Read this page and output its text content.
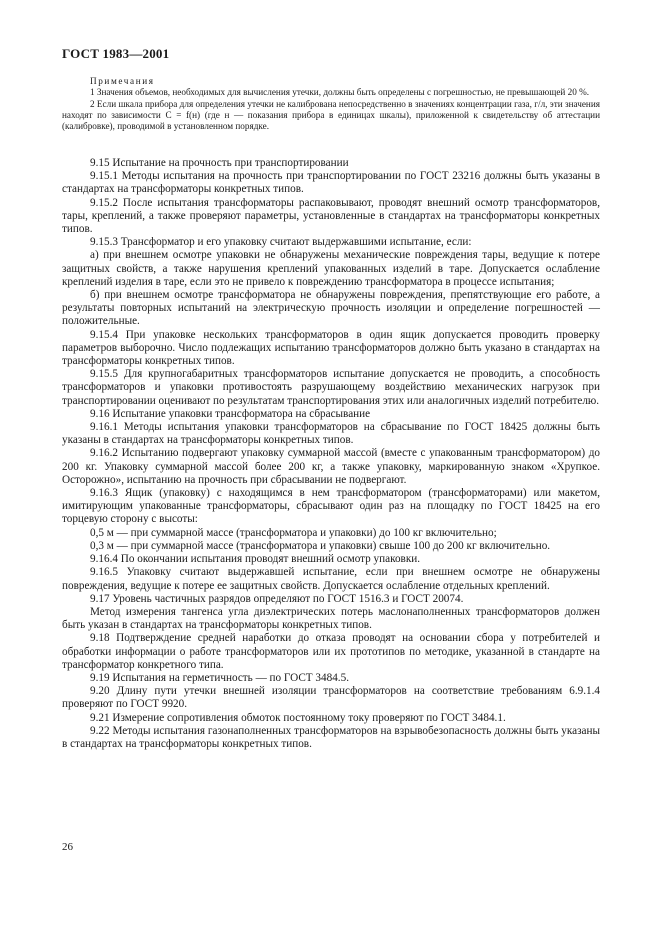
ГОСТ 1983—2001

Примечания

1 Значения объемов, необходимых для вычисления утечки, должны быть определены с погрешностью, не превышающей 20 %.

2 Если шкала прибора для определения утечки не калибрована непосредственно в значениях концентрации газа, г/л, эти значения находят по зависимости C = f(н) (где н — показания прибора в единицах шкалы), приложенной к свидетельству об аттестации (калибровке), проводимой в установленном порядке.

9.15 Испытание на прочность при транспортировании

9.15.1 Методы испытания на прочность при транспортировании по ГОСТ 23216 должны быть указаны в стандартах на трансформаторы конкретных типов.

9.15.2 После испытания трансформаторы распаковывают, проводят внешний осмотр трансформаторов, тары, креплений, а также проверяют параметры, установленные в стандартах на трансформаторы конкретных типов.

9.15.3 Трансформатор и его упаковку считают выдержавшими испытание, если:

а) при внешнем осмотре упаковки не обнаружены механические повреждения тары, ведущие к потере защитных свойств, а также нарушения креплений упакованных изделий в таре. Допускается ослабление креплений изделия в таре, если это не привело к повреждению трансформатора в процессе испытания;

б) при внешнем осмотре трансформатора не обнаружены повреждения, препятствующие его работе, а результаты повторных испытаний на электрическую прочность изоляции и определение погрешностей — положительные.

9.15.4 При упаковке нескольких трансформаторов в один ящик допускается проводить проверку параметров выборочно. Число подлежащих испытанию трансформаторов должно быть указано в стандартах на трансформаторы конкретных типов.

9.15.5 Для крупногабаритных трансформаторов испытание допускается не проводить, а способность трансформаторов и упаковки противостоять разрушающему воздействию механических нагрузок при транспортировании оценивают по результатам транспортирования этих или аналогичных изделий потребителю.

9.16 Испытание упаковки трансформатора на сбрасывание

9.16.1 Методы испытания упаковки трансформаторов на сбрасывание по ГОСТ 18425 должны быть указаны в стандартах на трансформаторы конкретных типов.

9.16.2 Испытанию подвергают упаковку суммарной массой (вместе с упакованным трансформатором) до 200 кг. Упаковку суммарной массой более 200 кг, а также упаковку, маркированную знаком «Хрупкое. Осторожно», испытанию на прочность при сбрасывании не подвергают.

9.16.3 Ящик (упаковку) с находящимся в нем трансформатором (трансформаторами) или макетом, имитирующим упакованные трансформаторы, сбрасывают один раз на площадку по ГОСТ 18425 на его торцевую сторону с высоты:

0,5 м — при суммарной массе (трансформатора и упаковки) до 100 кг включительно;

0,3 м — при суммарной массе (трансформатора и упаковки) свыше 100 до 200 кг включительно.

9.16.4 По окончании испытания проводят внешний осмотр упаковки.

9.16.5 Упаковку считают выдержавшей испытание, если при внешнем осмотре не обнаружены повреждения, ведущие к потере ее защитных свойств. Допускается ослабление отдельных креплений.

9.17 Уровень частичных разрядов определяют по ГОСТ 1516.3 и ГОСТ 20074.

Метод измерения тангенса угла диэлектрических потерь маслонаполненных трансформаторов должен быть указан в стандартах на трансформаторы конкретных типов.

9.18 Подтверждение средней наработки до отказа проводят на основании сбора у потребителей и обработки информации о работе трансформаторов или их прототипов по методике, указанной в стандарте на трансформатор конкретного типа.

9.19 Испытания на герметичность — по ГОСТ 3484.5.

9.20 Длину пути утечки внешней изоляции трансформаторов на соответствие требованиям 6.9.1.4 проверяют по ГОСТ 9920.

9.21 Измерение сопротивления обмоток постоянному току проверяют по ГОСТ 3484.1.

9.22 Методы испытания газонаполненных трансформаторов на взрывобезопасность должны быть указаны в стандартах на трансформаторы конкретных типов.

26
